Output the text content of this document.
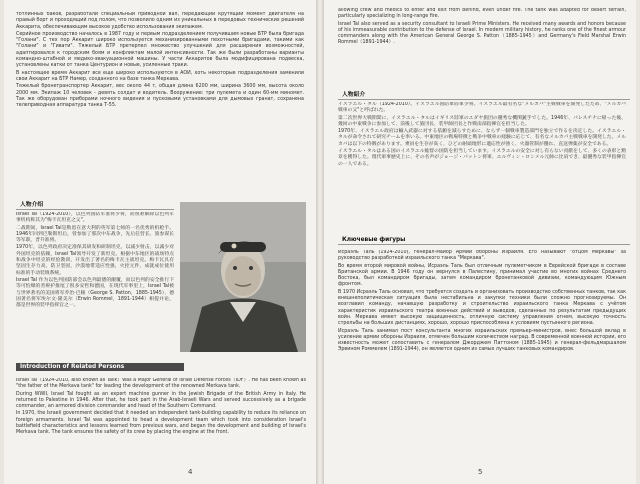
тотлинных баков, разработали специальный приводной вал, передающий крутящий момент двигателя на правый борт и проходящий под полом, что позволило одним из уникальных в передовых технических решений Аккарита, обеспечивающим высокое удобство использования экипажем.

Серийное производство началось в 1987 году и первым подразделением получившим новые БТР была бригада "Голани". С тех пор Аккарит широко используется механизированными пехотными бригадами, такими как "Голани" и "Гивати". Тяжелый БТР претерпел множество улучшений для расширения возможностей, адаптировался к городским боям и конфликтам малой интенсивности. Так же были разработаны варианты командно-штабной и медико-эвакуационной машины. У части Аккаритов была модифицирована подвеска, установлены катки от танка Центурион и новые, усиленные траки.

В настоящее время Аккарит все еще широко используются в АОИ, хоть некоторые подразделения заменили свои Аккарит на БТР Намер, созданного на базе танка Меркава.

Тяжелый бронетранспортер Аккарит, вес около 44 т, общая длина 6200 мм, ширина 3600 мм, высота около 2000 мм. Экипаж 10 человек - девять солдат и водитель. Вооружение: три пулемета и один 60-мм миномет. Так же оборудован приборами ночного видения и пусковыми установками для дымовых гранат, сохранена телеприводная аппаратура танка Т-55.

人物介绍

Israel Tal（1924-2010），以色列国防军准将少将，而很难解除以色列军事机构称其为"梅卡瓦坦克之父"。

二战期间，Israel Tal是勒恩在意大利的英军第七师的一名优秀的机枪手。1946年回到巴勒斯坦后，曾参加了那次中东战争，先后任营长、旅参谋长等军职，晋升准将。

1970年，以色列政府决定准保其研发和研制坦克，以减少射击，以减少对外国坦克的依赖，Israel Tal领导开发了新坦克。根据中东地区的战场特点和战争中坦克的经验教训，开发出了著名的梅卡瓦主战坦克。梅卡瓦具有坚固生存力高，防卫坚固，沙漠地带适应性强，火控元件，成就成位使用标准的手动装填系统。

Israel Tal 作为以色列国防部会以色列最德的颠覆，而以色列的安全推行下等可怕爆的善辩护推尾了很多安哲和德国，在现代军事里上，Israel Tal被与世界著名的美国将军乔治·巴顿（George S. Patton，1885-1945）、德国著名将军埃尔文·隆美尔（Erwin Rommel，1891-1944）相提并论，都是世界的装甲指挥官之一。

Introduction of Related Persons

Israel Tal（1924-2010, also known as Talik）was a Major General of Israel Defense Forces（IDF）. He has been known as "the father of the Merkava tank" for leading the development of the renowned Merkava tank.

During WWII, Israel Tal fought as an expert machine gunner in the Jewish Brigade of the British Army in Italy. He returned to Palestine in 1946. After that, he took part in the Arab-Israeli Wars and served successively as a brigade commander, an armored division commander and head of the Southern Command.

In 1970, the Israeli government decided that it needed an independent tank-building capability to reduce its reliance on foreign armaments. Israel Tal was appointed to head a development team which took into consideration Israel's battlefield characteristics and lessons learned from previous wars, and began the development and building of Israel's Merkava tank. The tank ensures the safety of its crew by placing the engine at the front.

4

allowing crew and medics to enter and exit from behind, even under fire. The tank was adapted for desert terrain, particularly specializing in long-range fire.

Israel Tal also served as a security consultant to Israeli Prime Ministers. He received many awards and honors because of his immeasurable contribution to the defense of Israel. In modern military history, he ranks one of the finest armour commanders along with the American General George S. Patton（1885-1945）and Germany's Field Marshal Erwin Rommel（1891-1944）.

人物紹介

イスラエル・タル（1924-2010）。イスラエル国防軍陸軍少将。イスラエル最有名な"メルカバ"主戦戦車を開発したため、"メルカバ戦車の父"と呼ばれた。

第二次世界大戦期間に、イスラエル・タルはイギリス陸軍のユダヤ旅団の優秀な機関銃手でした。1946年、パレスチナに帰った後、幾回の中東戦争に参加して、前後して旅団長、装甲師団長と作戦南部指揮官を担当した。

1970年、イスラエル政府は輸入武器に対する依頼を減らすために、ならず一個戦車製造部門を独立で作るを決定した。イスラエル・タルが命令されて研究チームを率いる。中東地区の戦場特徴と戦争中戦車の経験に応じて、有名なメルカバ主戦戦車を開発した。メルカバは以下の特徴があります。乗員を生存が高く、ひどの耐頑地形に適応性が強く、火器管制が優れ、直送弾薬が安全である。

イスラエル・タルはある国のイスラエル総督の国防を担当しています。イスラエルの安全に対し有らない貢献をして、多くの表彰と勲章を獲得した。現代軍事歴史上に、その名声がジョージ・パットン将軍、エルヴィン・ロンメル元帥に比肩でき、最優秀な装甲指揮官の一人である。

Ключевые фигуры

Исраэль Таль (1924-2010), генерал-майор Армии обороны Израиля. Его называют "отцом Меркавы" за руководство разработкой израильского танка "Меркава".

Во время второй мировой войны, Исраэль Таль был отличным пулеметчиком в Еврейской бригаде в составе Британской армии. В 1946 году он вернулся в Палестину, принимал участие во многих войнах Среднего Востока, был командиром бригады, затем командиром бронетанковой дивизии, командующим Южным фронтом.

В 1970 Исраэль Таль основал, что требуется создать и организовать производство собственных танков, так как внешнеполитическая ситуация была нестабильна и закупки техники были сложно прогнозируемы. Он возглавил команду, начавшую разработку и строительство израильского танка Меркава с учётом характеристик израильского театра военных действий и выводов, сделанных по результатам предыдущих войн. Меркава имеет высокую защищенность, отличную систему управления огнем, высокую точность стрельбы на больших дистанциях, хорошо, хорошо приспособлена к условиям пустынного региона.

Исраэль Таль занимал пост консультанта многих израильских премьер-министров, внес большой вклад в усиление армии обороны Израиля, отмечен большим количеством наград. В современной военной истории, его известность может сопоставить с генералом Джорджем Паттоном (1885-1945) и генерал-фельдмаршалом Эрвином Роммелем (1891-1944), он является одним из самых лучших танковых командиров.

5
